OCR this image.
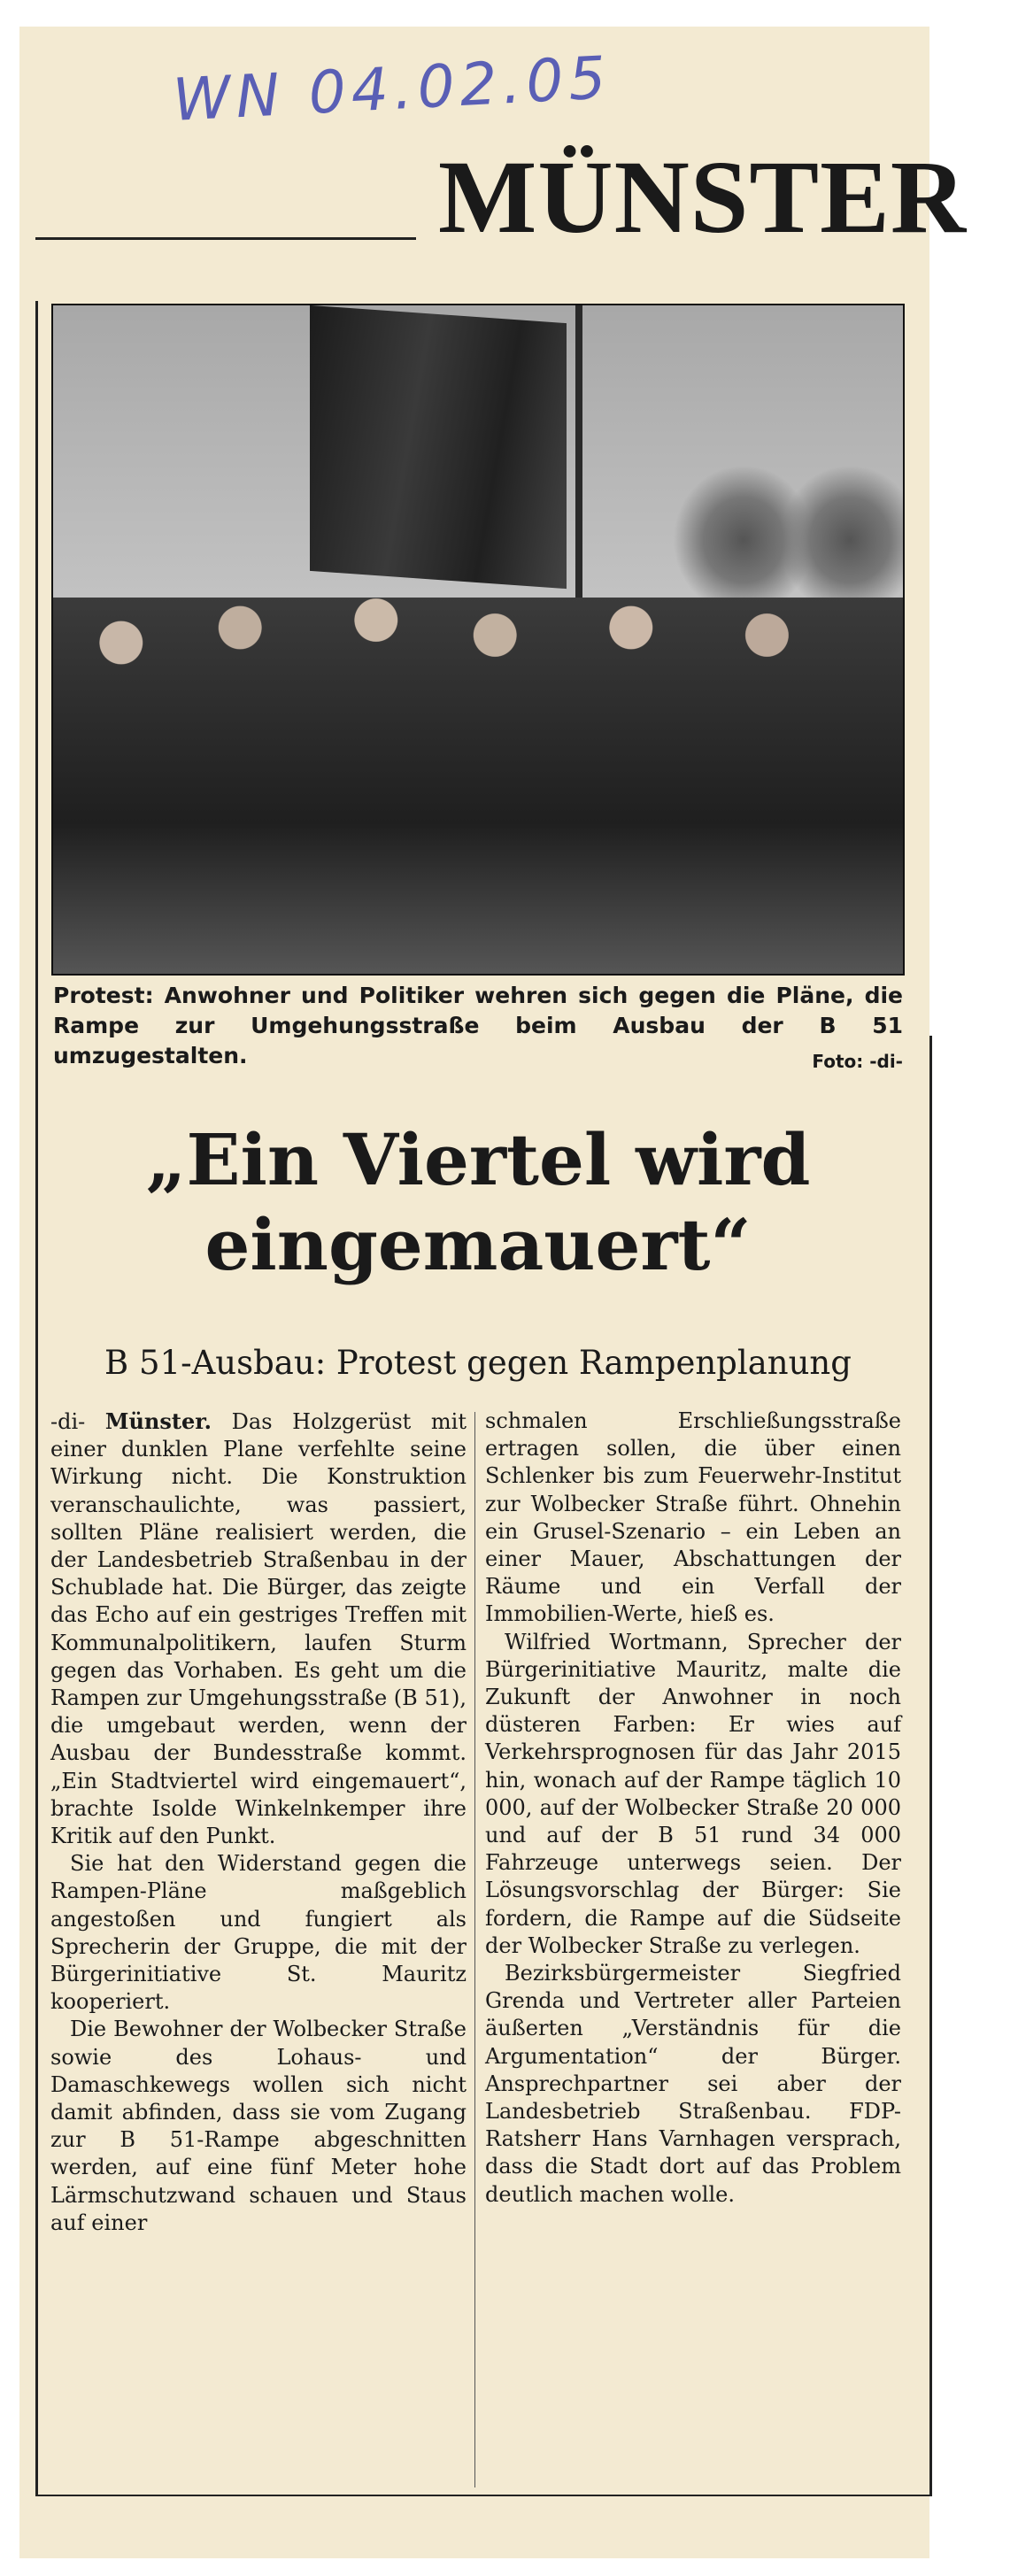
WN 04.02.05
MÜNSTER
Protest: Anwohner und Politiker wehren sich gegen die Pläne, die Rampe zur Umgehungsstraße beim Ausbau der B 51 umzugestalten.	Foto: -di-
„Ein Viertel wird eingemauert“
B 51-Ausbau: Protest gegen Rampenplanung

-di- Münster. Das Holzgerüst mit einer dunklen Plane verfehlte seine Wirkung nicht. Die Konstruktion veranschaulichte, was passiert, sollten Pläne realisiert werden, die der Landesbetrieb Straßenbau in der Schublade hat. Die Bürger, das zeigte das Echo auf ein gestriges Treffen mit Kommunalpolitikern, laufen Sturm gegen das Vorhaben. Es geht um die Rampen zur Umgehungsstraße (B 51), die umgebaut werden, wenn der Ausbau der Bundesstraße kommt. „Ein Stadtviertel wird eingemauert“, brachte Isolde Winkelnkemper ihre Kritik auf den Punkt.

Sie hat den Widerstand gegen die Rampen-Pläne maßgeblich angestoßen und fungiert als Sprecherin der Gruppe, die mit der Bürgerinitiative St. Mauritz kooperiert.

Die Bewohner der Wolbecker Straße sowie des Lohaus- und Damaschkewegs wollen sich nicht damit abfinden, dass sie vom Zugang zur B 51-Rampe abgeschnitten werden, auf eine fünf Meter hohe Lärmschutzwand schauen und Staus auf einer

schmalen Erschließungsstraße ertragen sollen, die über einen Schlenker bis zum Feuerwehr-Institut zur Wolbecker Straße führt. Ohnehin ein Grusel-Szenario – ein Leben an einer Mauer, Abschattungen der Räume und ein Verfall der Immobilien-Werte, hieß es.

Wilfried Wortmann, Sprecher der Bürgerinitiative Mauritz, malte die Zukunft der Anwohner in noch düsteren Farben: Er wies auf Verkehrsprognosen für das Jahr 2015 hin, wonach auf der Rampe täglich 10 000, auf der Wolbecker Straße 20 000 und auf der B 51 rund 34 000 Fahrzeuge unterwegs seien. Der Lösungsvorschlag der Bürger: Sie fordern, die Rampe auf die Südseite der Wolbecker Straße zu verlegen.

Bezirksbürgermeister Siegfried Grenda und Vertreter aller Parteien äußerten „Verständnis für die Argumentation“ der Bürger. Ansprechpartner sei aber der Landesbetrieb Straßenbau. FDP-Ratsherr Hans Varnhagen versprach, dass die Stadt dort auf das Problem deutlich machen wolle.
